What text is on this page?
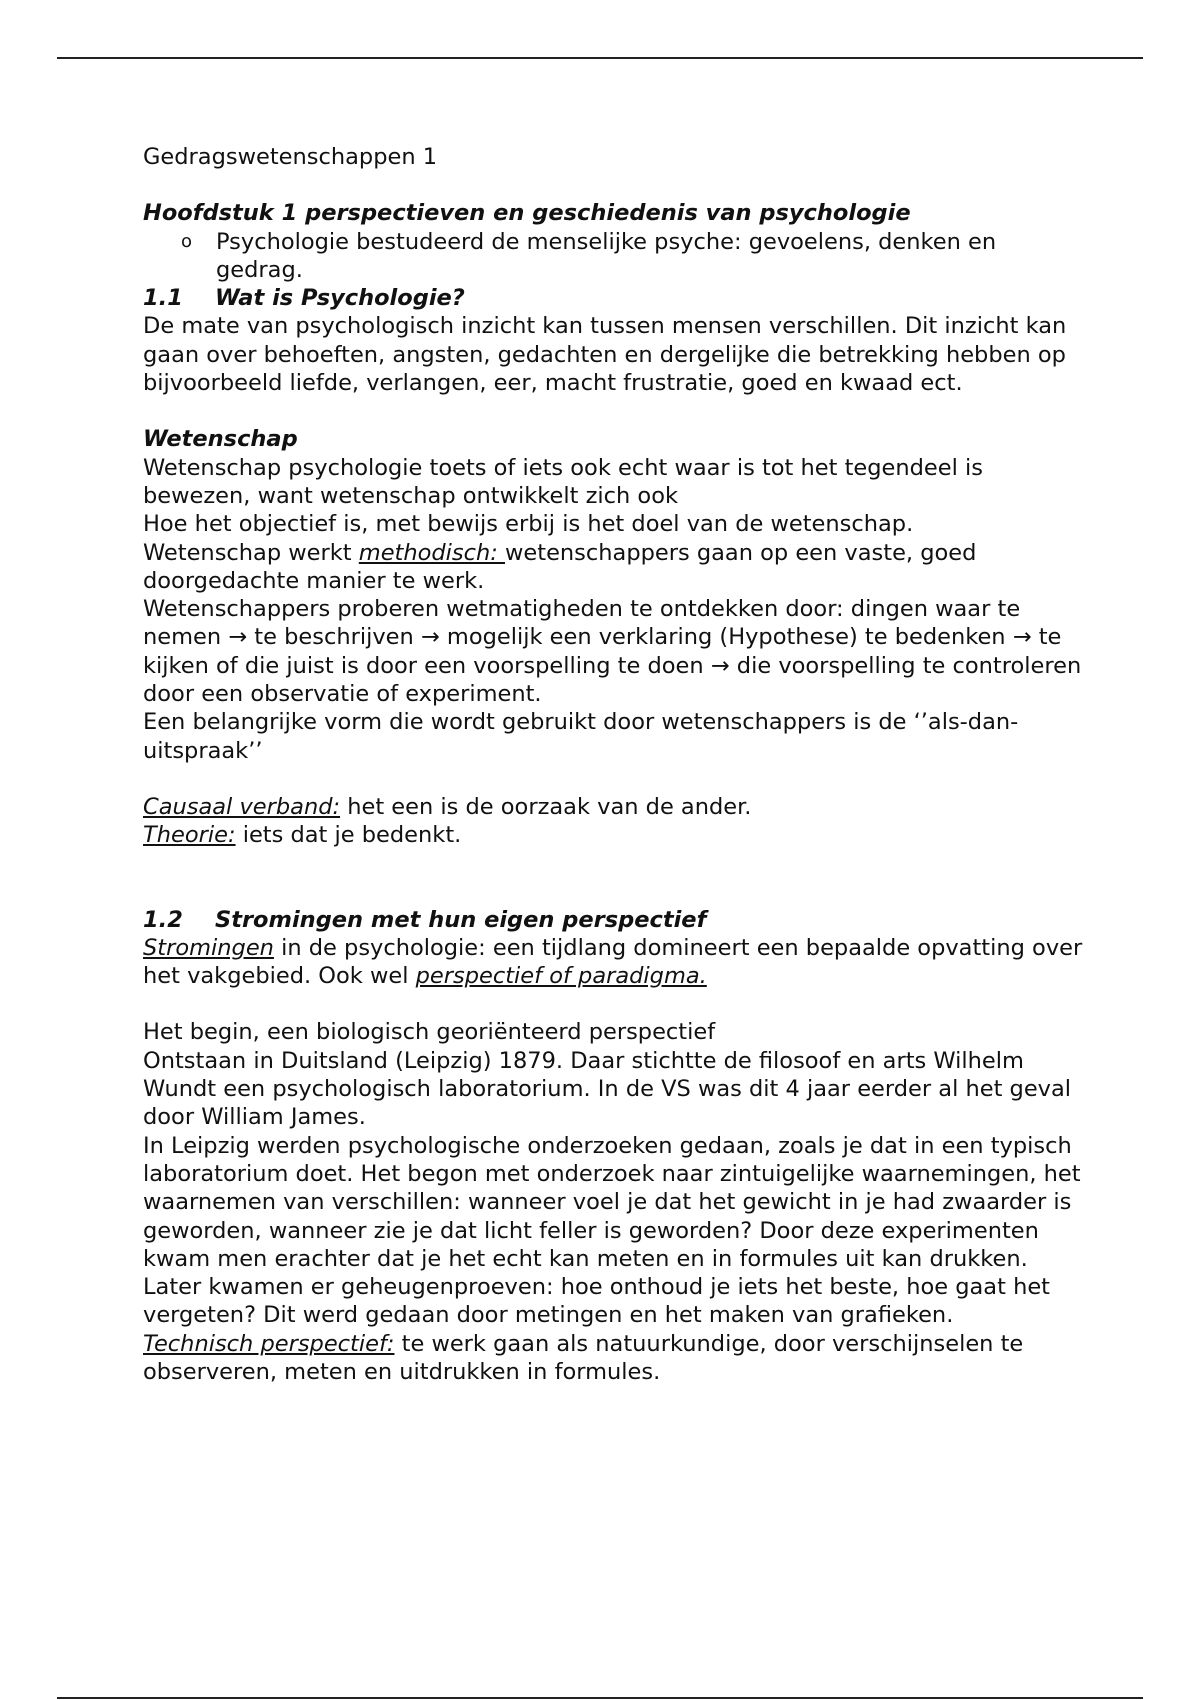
Gedragswetenschappen 1

Hoofdstuk 1 perspectieven en geschiedenis van psychologie

o Psychologie bestudeerd de menselijke psyche: gevoelens, denken en gedrag.

1.1 Wat is Psychologie?

De mate van psychologisch inzicht kan tussen mensen verschillen. Dit inzicht kan gaan over behoeften, angsten, gedachten en dergelijke die betrekking hebben op bijvoorbeeld liefde, verlangen, eer, macht frustratie, goed en kwaad ect.

Wetenschap

Wetenschap psychologie toets of iets ook echt waar is tot het tegendeel is bewezen, want wetenschap ontwikkelt zich ook

Hoe het objectief is, met bewijs erbij is het doel van de wetenschap.

Wetenschap werkt methodisch: wetenschappers gaan op een vaste, goed doorgedachte manier te werk.

Wetenschappers proberen wetmatigheden te ontdekken door: dingen waar te nemen → te beschrijven → mogelijk een verklaring (Hypothese) te bedenken → te kijken of die juist is door een voorspelling te doen → die voorspelling te controleren door een observatie of experiment.

Een belangrijke vorm die wordt gebruikt door wetenschappers is de ‘’als-dan-uitspraak’’

Causaal verband: het een is de oorzaak van de ander.

Theorie: iets dat je bedenkt.

1.2 Stromingen met hun eigen perspectief

Stromingen in de psychologie: een tijdlang domineert een bepaalde opvatting over het vakgebied. Ook wel perspectief of paradigma.

Het begin, een biologisch georiënteerd perspectief

Ontstaan in Duitsland (Leipzig) 1879. Daar stichtte de filosoof en arts Wilhelm Wundt een psychologisch laboratorium. In de VS was dit 4 jaar eerder al het geval door William James.

In Leipzig werden psychologische onderzoeken gedaan, zoals je dat in een typisch laboratorium doet. Het begon met onderzoek naar zintuigelijke waarnemingen, het waarnemen van verschillen: wanneer voel je dat het gewicht in je had zwaarder is geworden, wanneer zie je dat licht feller is geworden? Door deze experimenten kwam men erachter dat je het echt kan meten en in formules uit kan drukken.

Later kwamen er geheugenproeven: hoe onthoud je iets het beste, hoe gaat het vergeten? Dit werd gedaan door metingen en het maken van grafieken.

Technisch perspectief: te werk gaan als natuurkundige, door verschijnselen te observeren, meten en uitdrukken in formules.
